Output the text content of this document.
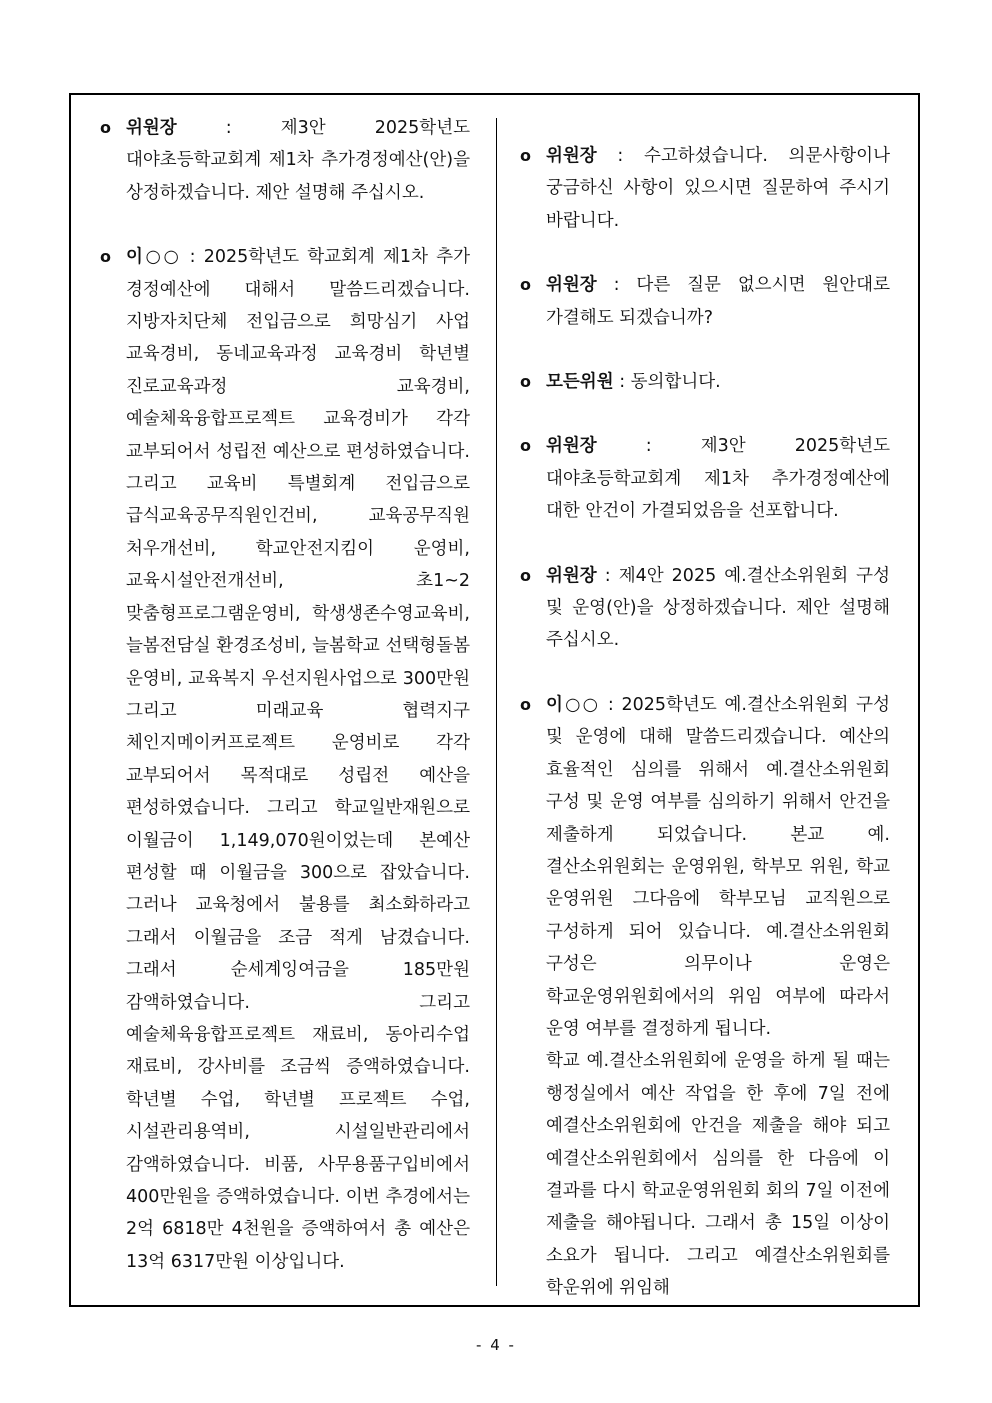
o 위원장 : 제3안 2025학년도 대야초등학교회계 제1차 추가경정예산(안)을 상정하겠습니다. 제안 설명해 주십시오.
o 이○○ : 2025학년도 학교회계 제1차 추가 경정예산에 대해서 말씀드리겠습니다. 지방자치단체 전입금으로 희망심기 사업 교육경비, 동네교육과정 교육경비 학년별 진로교육과정 교육경비, 예술체육융합프로젝트 교육경비가 각각 교부되어서 성립전 예산으로 편성하였습니다. 그리고 교육비 특별회계 전입금으로 급식교육공무직원인건비, 교육공무직원 처우개선비, 학교안전지킴이 운영비, 교육시설안전개선비, 초1~2 맞춤형프로그램운영비, 학생생존수영교육비, 늘봄전담실 환경조성비, 늘봄학교 선택형돌봄 운영비, 교육복지 우선지원사업으로 300만원 그리고 미래교육 협력지구 체인지메이커프로젝트 운영비로 각각 교부되어서 목적대로 성립전 예산을 편성하였습니다. 그리고 학교일반재원으로 이월금이 1,149,070원이었는데 본예산 편성할 때 이월금을 300으로 잡았습니다. 그러나 교육청에서 불용를 최소화하라고 그래서 이월금을 조금 적게 남겼습니다. 그래서 순세계잉여금을 185만원 감액하였습니다. 그리고 예술체육융합프로젝트 재료비, 동아리수업 재료비, 강사비를 조금씩 증액하였습니다. 학년별 수업, 학년별 프로젝트 수업, 시설관리용역비, 시설일반관리에서 감액하였습니다. 비품, 사무용품구입비에서 400만원을 증액하였습니다. 이번 추경에서는 2억 6818만 4천원을 증액하여서 총 예산은 13억 6317만원 이상입니다.
o 위원장 : 수고하셨습니다. 의문사항이나 궁금하신 사항이 있으시면 질문하여 주시기 바랍니다.
o 위원장 : 다른 질문 없으시면 원안대로 가결해도 되겠습니까?
o 모든위원 : 동의합니다.
o 위원장 : 제3안 2025학년도 대야초등학교회계 제1차 추가경정예산에 대한 안건이 가결되었음을 선포합니다.
o 위원장 : 제4안 2025 예.결산소위원회 구성 및 운영(안)을 상정하겠습니다. 제안 설명해 주십시오.
o 이○○ : 2025학년도 예.결산소위원회 구성 및 운영에 대해 말씀드리겠습니다. 예산의 효율적인 심의를 위해서 예.결산소위원회 구성 및 운영 여부를 심의하기 위해서 안건을 제출하게 되었습니다. 본교 예.결산소위원회는 운영위원, 학부모 위원, 학교 운영위원 그다음에 학부모님 교직원으로 구성하게 되어 있습니다. 예.결산소위원회 구성은 의무이나 운영은 학교운영위원회에서의 위임 여부에 따라서 운영 여부를 결정하게 됩니다.
학교 예.결산소위원회에 운영을 하게 될 때는 행정실에서 예산 작업을 한 후에 7일 전에 예결산소위원회에 안건을 제출을 해야 되고 예결산소위원회에서 심의를 한 다음에 이 결과를 다시 학교운영위원회 회의 7일 이전에 제출을 해야됩니다. 그래서 총 15일 이상이 소요가 됩니다. 그리고 예결산소위원회를 학운위에 위임해
- 4 -
